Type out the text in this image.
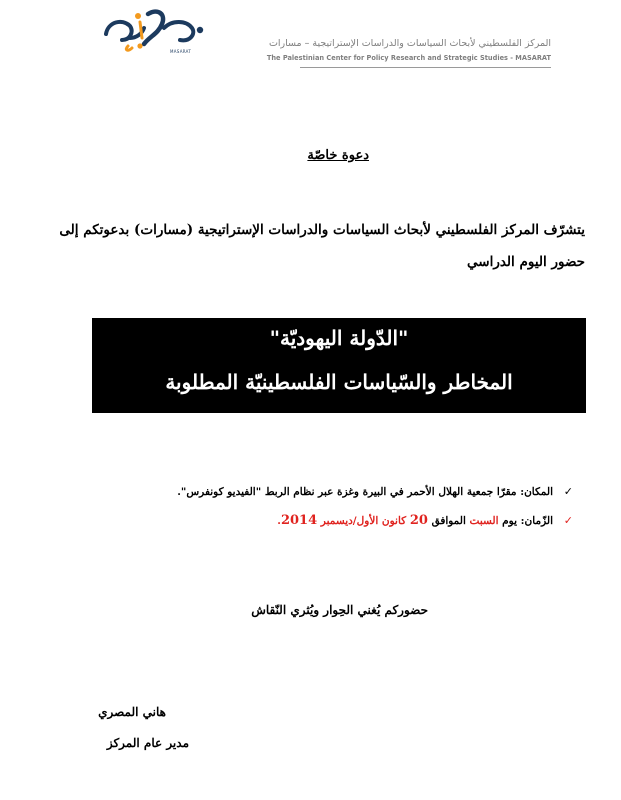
MASARAT
المركز الفلسطيني لأبحاث السياسات والدراسات الإستراتيجية – مسارات
The Palestinian Center for Policy Research and Strategic Studies - MASARAT
دعوة خاصّة
يتشرّف المركز الفلسطيني لأبحاث السياسات والدراسات الإستراتيجية (مسارات) بدعوتكم إلى حضور اليوم الدراسي
"الدّولة اليهوديّة"
المخاطر والسّياسات الفلسطينيّة المطلوبة
✓المكان: مقرّا جمعية الهلال الأحمر في البيرة وغزة عبر نظام الربط "الفيديو كونفرس".
✓الزّمان: يوم السبت الموافق 20 كانون الأول/ديسمبر 2014.
حضوركم يُغني الحِوار ويُثري النّقاش
هاني المصري
مدير عام المركز
